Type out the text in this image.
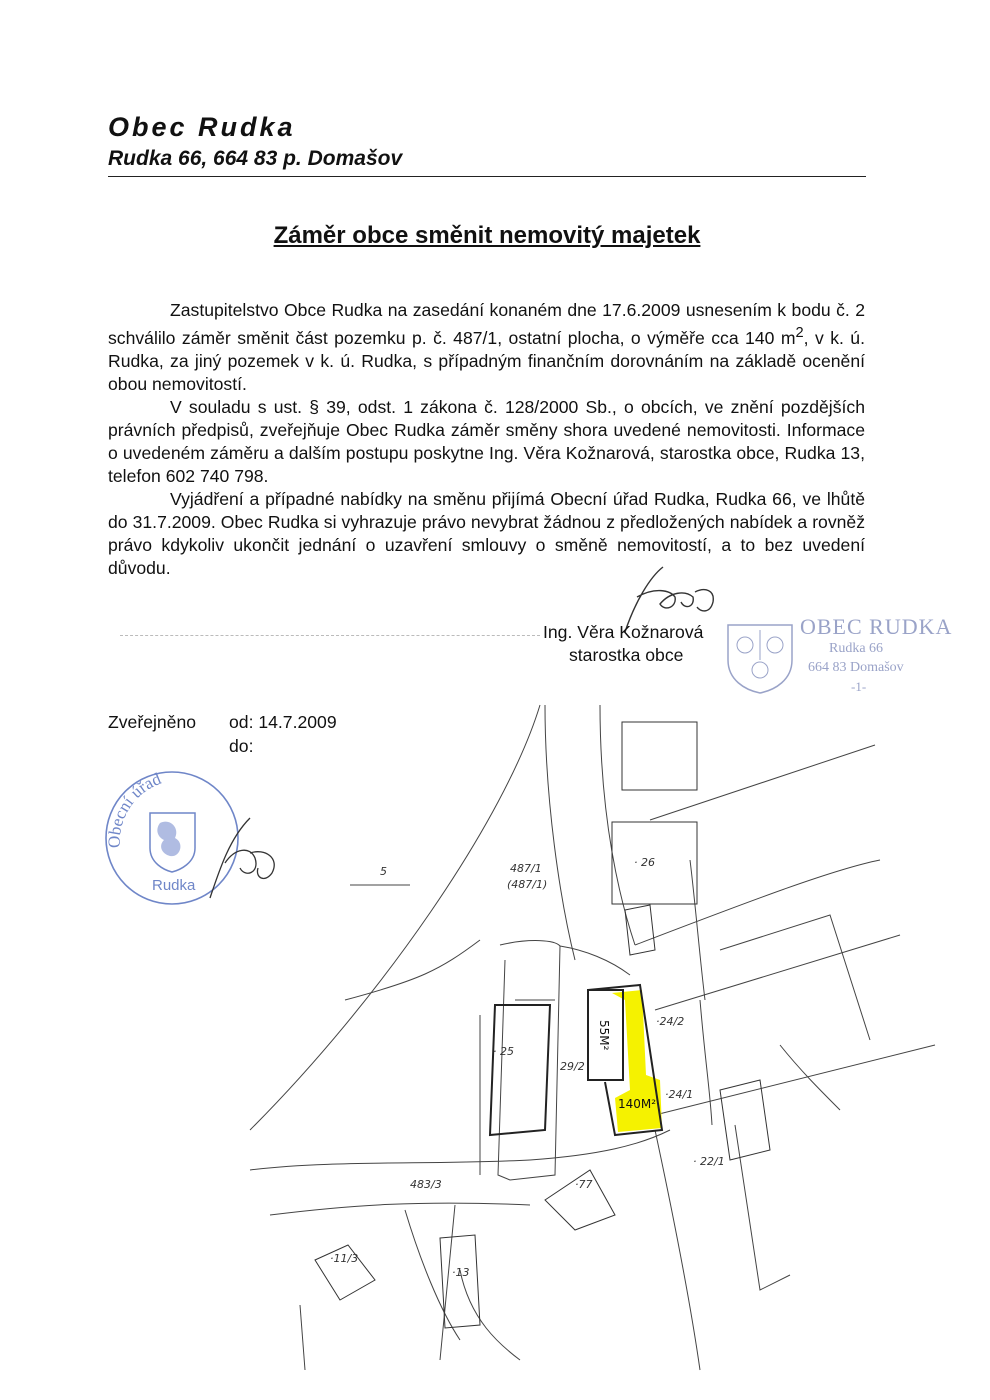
Obec Rudka
Rudka 66, 664 83 p. Domašov
Záměr obce směnit nemovitý majetek

Zastupitelstvo Obce Rudka na zasedání konaném dne 17.6.2009 usnesením k bodu č. 2 schválilo záměr směnit část pozemku p. č. 487/1, ostatní plocha, o výměře cca 140 $m^2$, v k. ú. Rudka, za jiný pozemek v k. ú. Rudka, s případným finančním dorovnáním na základě ocenění obou nemovitostí.

V souladu s ust. § 39, odst. 1 zákona č. 128/2000 Sb., o obcích, ve znění pozdějších právních předpisů, zveřejňuje Obec Rudka záměr směny shora uvedené nemovitosti. Informace o uvedeném záměru a dalším postupu poskytne Ing. Věra Kožnarová, starostka obce, Rudka 13, telefon 602 740 798.

Vyjádření a případné nabídky na směnu přijímá Obecní úřad Rudka, Rudka 66, ve lhůtě do 31.7.2009. Obec Rudka si vyhrazuje právo nevybrat žádnou z předložených nabídek a rovněž právo kdykoliv ukončit jednání o uzavření smlouvy o směně nemovitostí, a to bez uvedení důvodu.

Ing. Věra Kožnarová
starostka obce
OBEC RUDKA
Rudka 66
664 83 Domašov
-1-
Zveřejněno od: 14.7.2009
do:
Obecní úřad
Rudka
487/1
(487/1)
· 26
·24/2
·24/1
· 25
29/2
· 22/1
483/3	·77
·11/3
·13
5
55M²
140M²
